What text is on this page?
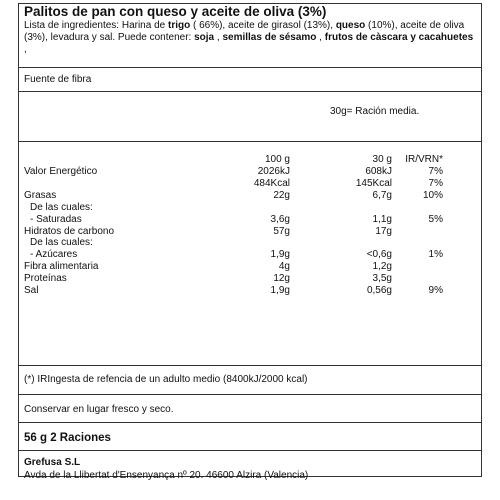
Palitos de pan con queso y aceite de oliva (3%)
Lista de ingredientes: Harina de trigo ( 66%), aceite de girasol (13%), queso (10%), aceite de oliva (3%), levadura y sal. Puede contener: soja , semillas de sésamo , frutos de càscara y cacahuetes ,
Fuente de fibra
30g= Ración media.
100 g	30 g	IR/VRN*
Valor Energético	2026kJ	608kJ	7%
484Kcal	145Kcal	7%
Grasas	22g	6,7g	10%
De las cuales:
- Saturadas	3,6g	1,1g	5%
Hidratos de carbono	57g	17g
De las cuales:
- Azúcares	1,9g	<0,6g	1%
Fibra alimentaria	4g	1,2g
Proteínas	12g	3,5g
Sal	1,9g	0,56g	9%
(*) IRIngesta de refencia de un adulto medio (8400kJ/2000 kcal)
Conservar en lugar fresco y seco.
56 g 2 Raciones
Grefusa S.L
Avda de la Llibertat d'Ensenyança nº 20. 46600 Alzira (Valencia)
